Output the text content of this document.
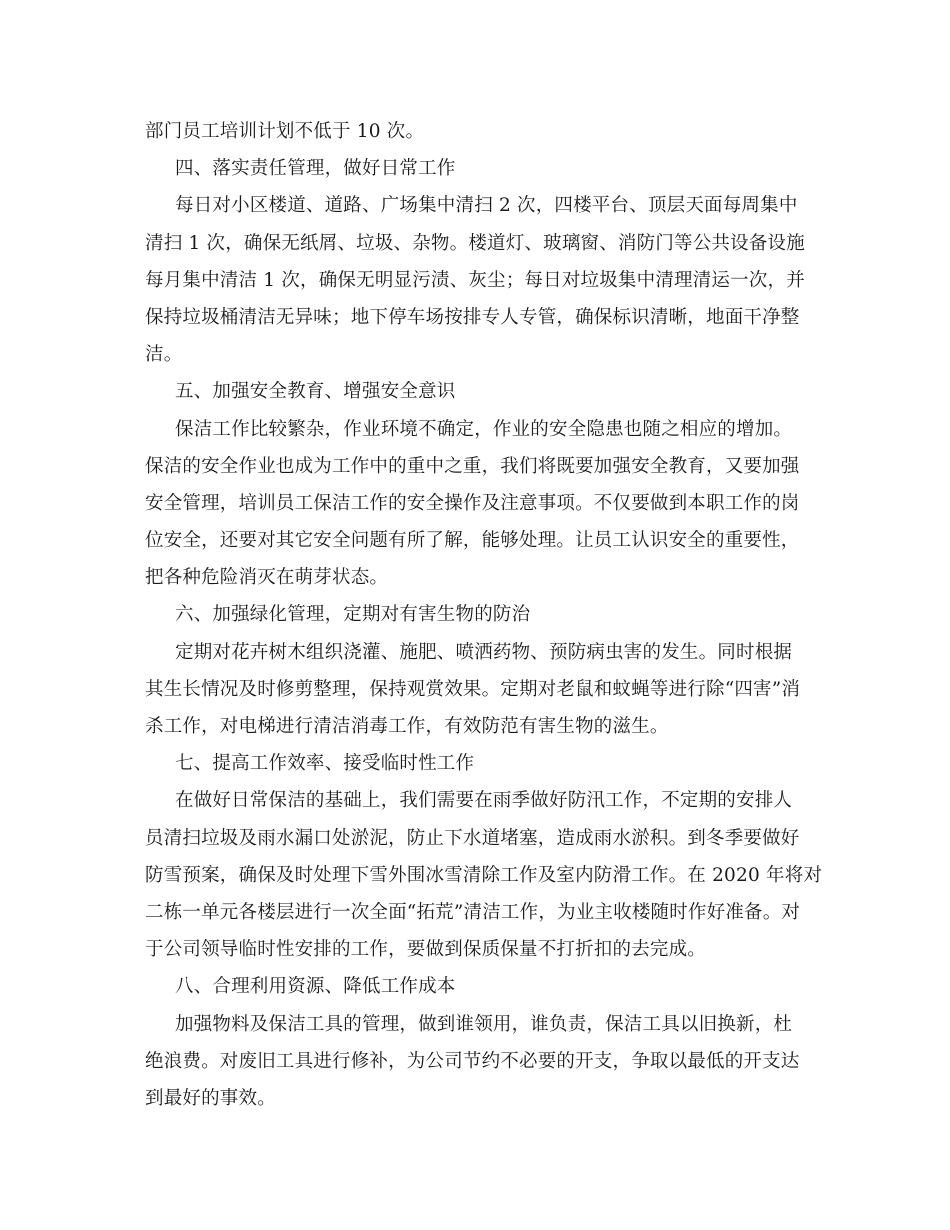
部门员工培训计划不低于 10 次。
四、落实责任管理，做好日常工作
每日对小区楼道、道路、广场集中清扫 2 次，四楼平台、顶层天面每周集中
清扫 1 次，确保无纸屑、垃圾、杂物。楼道灯、玻璃窗、消防门等公共设备设施
每月集中清洁 1 次，确保无明显污渍、灰尘；每日对垃圾集中清理清运一次，并
保持垃圾桶清洁无异味；地下停车场按排专人专管，确保标识清晰，地面干净整
洁。
五、加强安全教育、增强安全意识
保洁工作比较繁杂，作业环境不确定，作业的安全隐患也随之相应的增加。
保洁的安全作业也成为工作中的重中之重，我们将既要加强安全教育，又要加强
安全管理，培训员工保洁工作的安全操作及注意事项。不仅要做到本职工作的岗
位安全，还要对其它安全问题有所了解，能够处理。让员工认识安全的重要性，
把各种危险消灭在萌芽状态。
六、加强绿化管理，定期对有害生物的防治
定期对花卉树木组织浇灌、施肥、喷洒药物、预防病虫害的发生。同时根据
其生长情况及时修剪整理，保持观赏效果。定期对老鼠和蚊蝇等进行除“四害”消
杀工作，对电梯进行清洁消毒工作，有效防范有害生物的滋生。
七、提高工作效率、接受临时性工作
在做好日常保洁的基础上，我们需要在雨季做好防汛工作，不定期的安排人
员清扫垃圾及雨水漏口处淤泥，防止下水道堵塞，造成雨水淤积。到冬季要做好
防雪预案，确保及时处理下雪外围冰雪清除工作及室内防滑工作。在 2020 年将对
二栋一单元各楼层进行一次全面“拓荒”清洁工作，为业主收楼随时作好准备。对
于公司领导临时性安排的工作，要做到保质保量不打折扣的去完成。
八、合理利用资源、降低工作成本
加强物料及保洁工具的管理，做到谁领用，谁负责，保洁工具以旧换新，杜
绝浪费。对废旧工具进行修补，为公司节约不必要的开支，争取以最低的开支达
到最好的事效。
